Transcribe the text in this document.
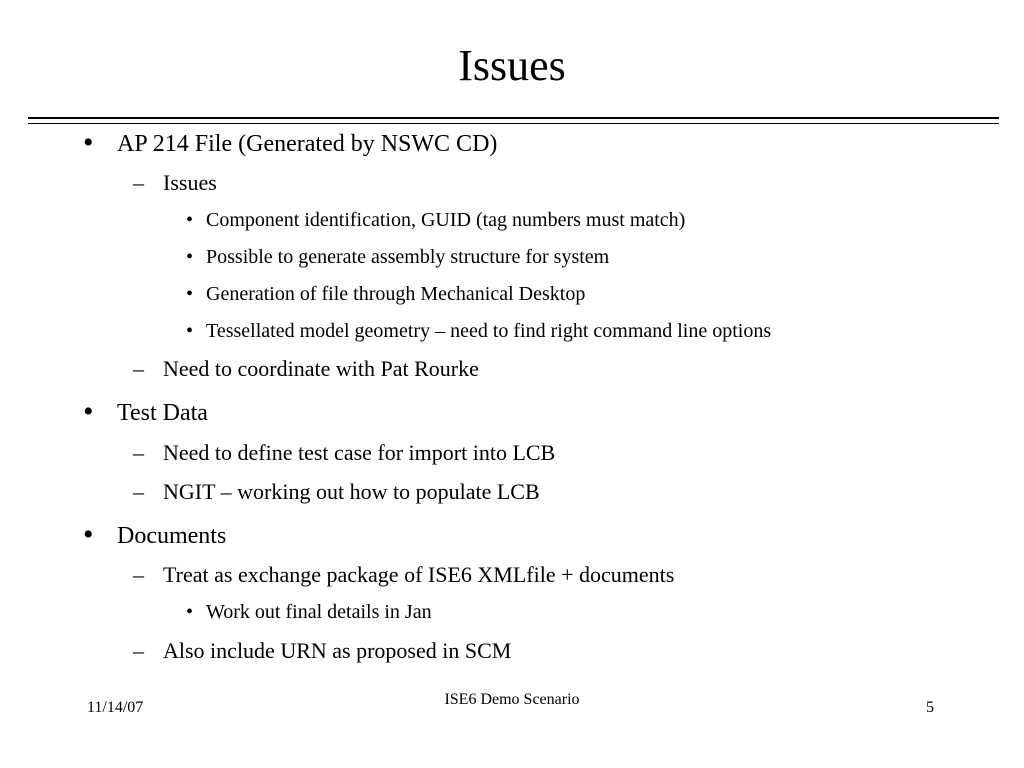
Issues
• AP 214 File (Generated by NSWC CD)
– Issues
• Component identification, GUID (tag numbers must match)
• Possible to generate assembly structure for system
• Generation of file through Mechanical Desktop
• Tessellated model geometry – need to find right command line options
– Need to coordinate with Pat Rourke
• Test Data
– Need to define test case for import into LCB
– NGIT – working out how to populate LCB
• Documents
– Treat as exchange package of ISE6 XMLfile + documents
• Work out final details in Jan
– Also include URN as proposed in SCM
11/14/07	ISE6 Demo Scenario	5
